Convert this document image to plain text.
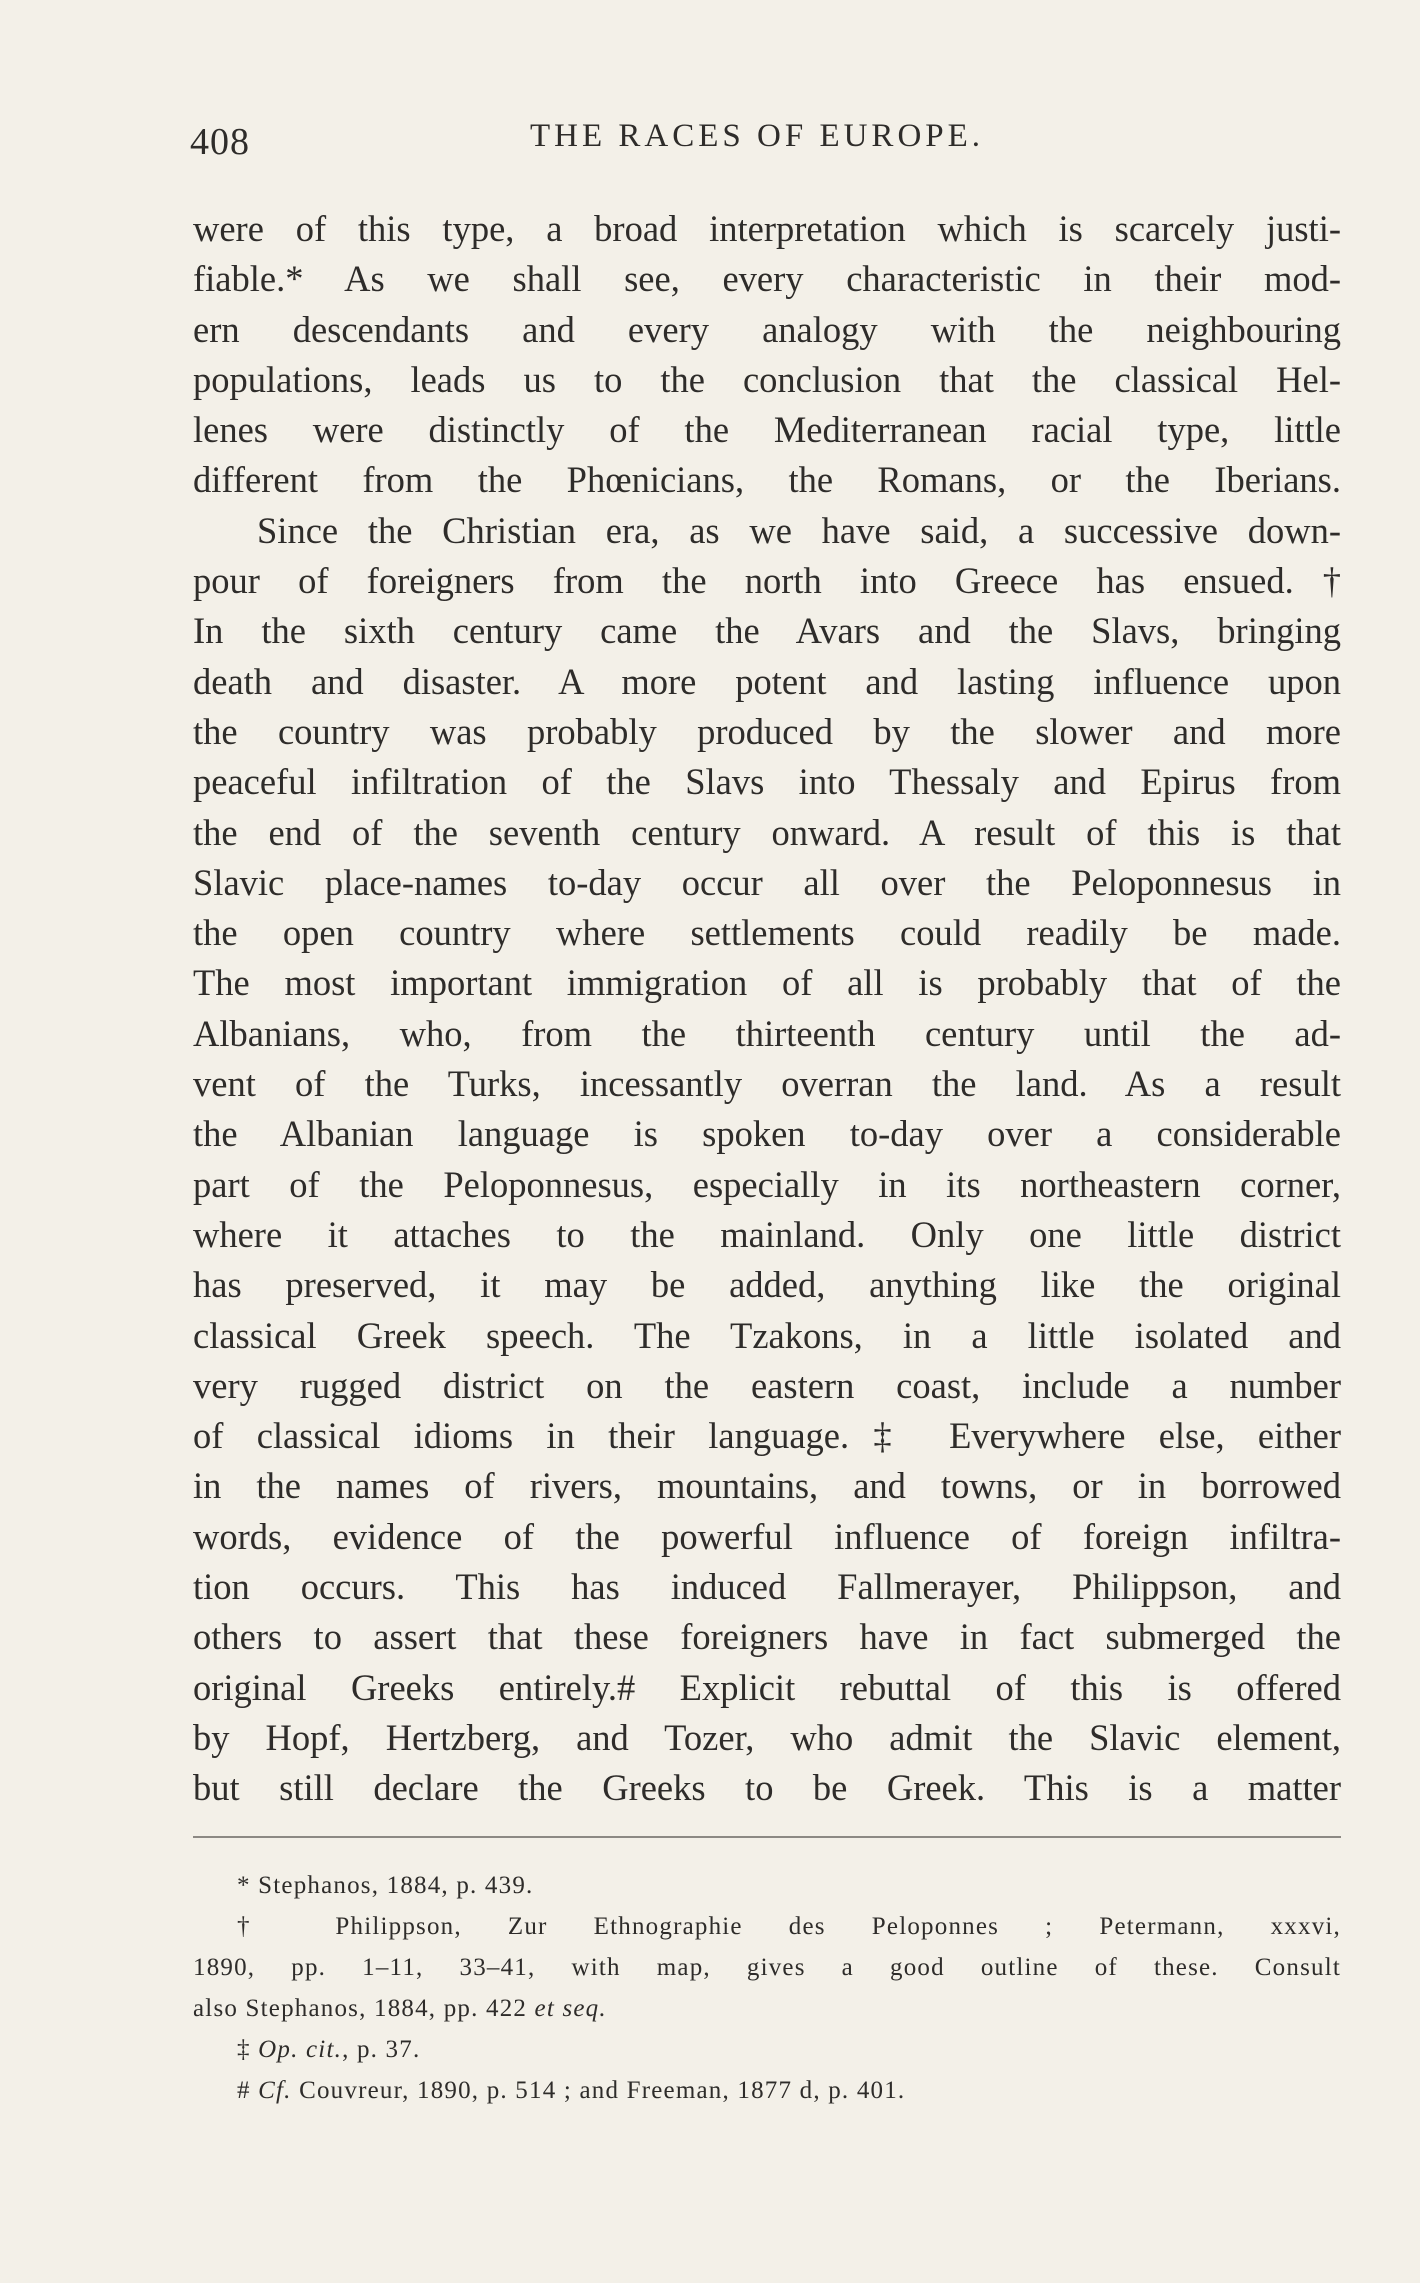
408	THE RACES OF EUROPE.
were of this type, a broad interpretation which is scarcely justi-
fiable.* As we shall see, every characteristic in their mod-
ern descendants and every analogy with the neighbouring
populations, leads us to the conclusion that the classical Hel-
lenes were distinctly of the Mediterranean racial type, little
different from the Phœnicians, the Romans, or the Iberians.
Since the Christian era, as we have said, a successive down-
pour of foreigners from the north into Greece has ensued.†
In the sixth century came the Avars and the Slavs, bringing
death and disaster. A more potent and lasting influence upon
the country was probably produced by the slower and more
peaceful infiltration of the Slavs into Thessaly and Epirus from
the end of the seventh century onward. A result of this is that
Slavic place-names to-day occur all over the Peloponnesus in
the open country where settlements could readily be made.
The most important immigration of all is probably that of the
Albanians, who, from the thirteenth century until the ad-
vent of the Turks, incessantly overran the land. As a result
the Albanian language is spoken to-day over a considerable
part of the Peloponnesus, especially in its northeastern corner,
where it attaches to the mainland. Only one little district
has preserved, it may be added, anything like the original
classical Greek speech. The Tzakons, in a little isolated and
very rugged district on the eastern coast, include a number
of classical idioms in their language.‡ Everywhere else, either
in the names of rivers, mountains, and towns, or in borrowed
words, evidence of the powerful influence of foreign infiltra-
tion occurs. This has induced Fallmerayer, Philippson, and
others to assert that these foreigners have in fact submerged the
original Greeks entirely.# Explicit rebuttal of this is offered
by Hopf, Hertzberg, and Tozer, who admit the Slavic element,
but still declare the Greeks to be Greek. This is a matter
* Stephanos, 1884, p. 439.
† Philippson, Zur Ethnographie des Peloponnes ; Petermann, xxxvi,
1890, pp. 1–11, 33–41, with map, gives a good outline of these. Consult
also Stephanos, 1884, pp. 422 et seq.
‡ Op. cit., p. 37.
# Cf. Couvreur, 1890, p. 514 ; and Freeman, 1877 d, p. 401.
